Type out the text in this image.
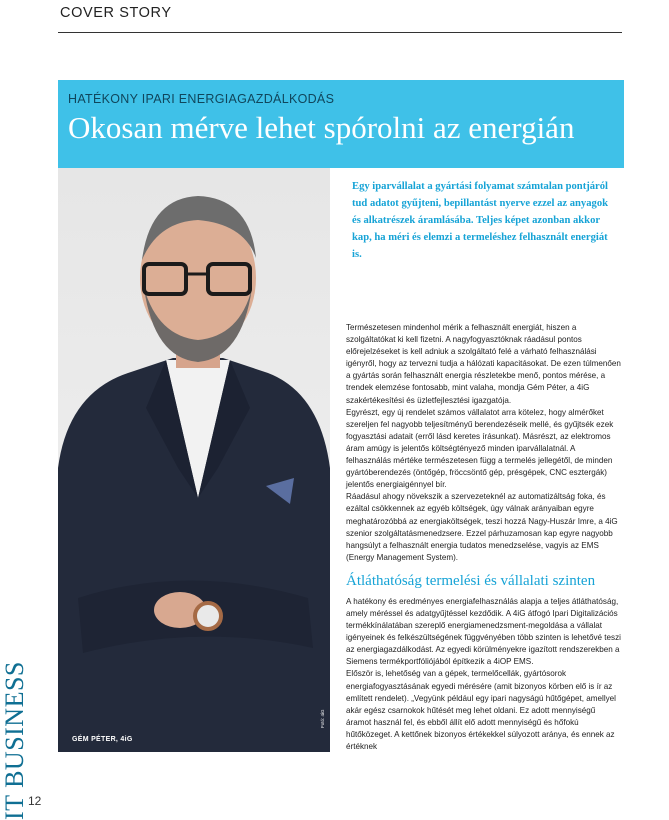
COVER STORY
HATÉKONY IPARI ENERGIAGAZDÁLKODÁS
Okosan mérve lehet spórolni az energián
GÉM PÉTER, 4iG
Fotó: 4iG
Egy iparvállalat a gyártási folyamat számtalan pontjáról tud adatot gyűjteni, bepillantást nyerve ezzel az anyagok és alkatrészek áramlásába. Teljes képet azonban akkor kap, ha méri és elemzi a termeléshez felhasznált energiát is.

Természetesen mindenhol mérik a felhasznált energiát, hiszen a szolgáltatókat ki kell fizetni. A nagyfogyasztóknak ráadásul pontos előrejelzéseket is kell adniuk a szolgáltató felé a várható felhasználási igényről, hogy az tervezni tudja a hálózati kapacitásokat. De ezen túlmenően a gyártás során felhasznált energia részletekbe menő, pontos mérése, a trendek elemzése fontosabb, mint valaha, mondja Gém Péter, a 4iG szakértékesítési és üzletfejlesztési igazgatója.

Egyrészt, egy új rendelet számos vállalatot arra kötelez, hogy almérőket szereljen fel nagyobb teljesítményű berendezéseik mellé, és gyűjtsék ezek fogyasztási adatait (erről lásd keretes írásunkat). Másrészt, az elektromos áram amúgy is jelentős költségtényező minden iparvállalatnál. A felhasználás mértéke természetesen függ a termelés jellegétől, de minden gyártóberendezés (öntőgép, fröccsöntő gép, présgépek, CNC esztergák) jelentős energiaigénnyel bír.

Ráadásul ahogy növekszik a szervezeteknél az automatizáltság foka, és ezáltal csökkennek az egyéb költségek, úgy válnak arányaiban egyre meghatározóbbá az energiaköltségek, teszi hozzá Nagy-Huszár Imre, a 4iG szenior szolgáltatásmenedzsere. Ezzel párhuzamosan kap egyre nagyobb hangsúlyt a felhasznált energia tudatos menedzselése, vagyis az EMS (Energy Management System).

Átláthatóság termelési és vállalati szinten

A hatékony és eredményes energiafelhasználás alapja a teljes átláthatóság, amely méréssel és adatgyűjtéssel kezdődik. A 4iG átfogó Ipari Digitalizációs termékkínálatában szereplő energiamenedzsment-megoldása a vállalat igényeinek és felkészültségének függvényében több szinten is lehetővé teszi az energiagazdálkodást. Az egyedi körülményekre igazított rendszerekben a Siemens termékportfóliójából építkezik a 4iOP EMS.

Először is, lehetőség van a gépek, termelőcellák, gyártósorok energiafogyasztásának egyedi mérésére (amit bizonyos körben elő is ír az említett rendelet). „Vegyünk például egy ipari nagyságú hűtőgépet, amellyel akár egész csarnokok hűtését meg lehet oldani. Ez adott mennyiségű áramot használ fel, és ebből állít elő adott mennyiségű és hőfokú hűtőközeget. A kettőnek bizonyos értékekkel súlyozott aránya, és ennek az értéknek

IT BUSINESS 12
